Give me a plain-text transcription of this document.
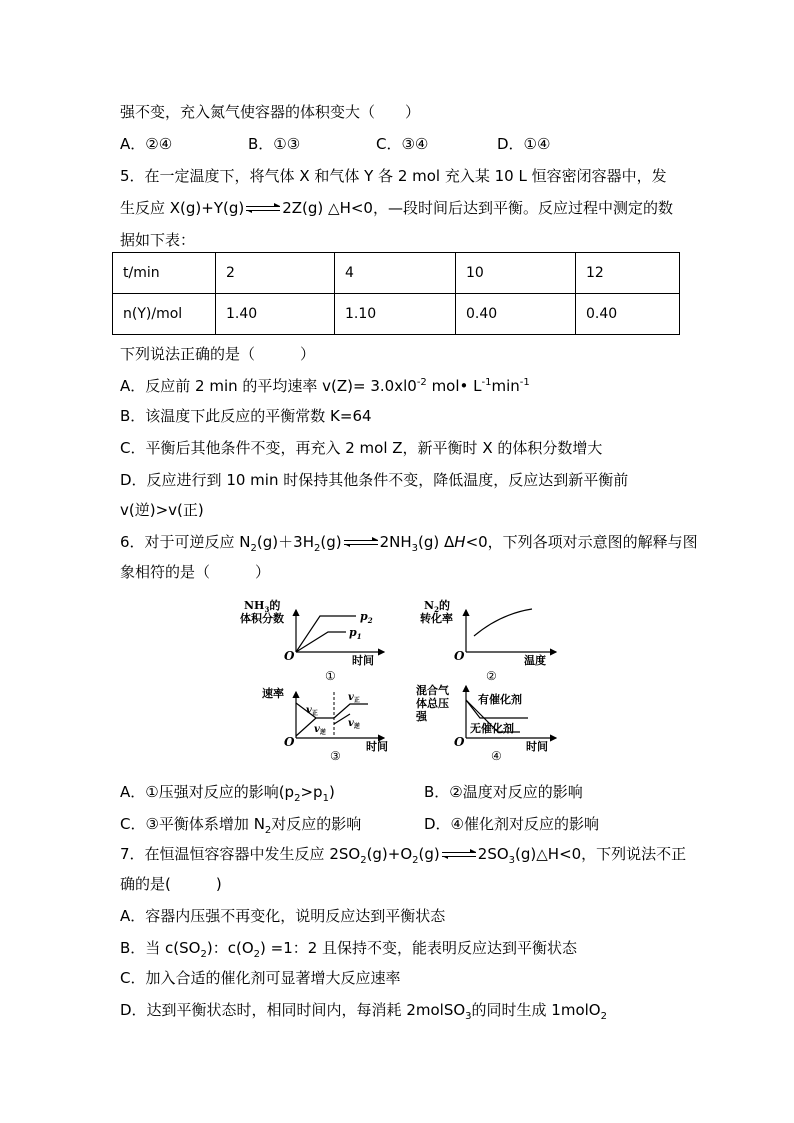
强不变，充入氮气使容器的体积变大（　　）
A．②④	B．①③	C．③④	D．①④
5．在一定温度下，将气体 X 和气体 Y 各 2 mol 充入某 10 L 恒容密闭容器中，发
生反应 X(g)+Y(g) ⇌ 2Z(g) △H<0，—段时间后达到平衡。反应过程中测定的数
据如下表：
t/min	2	4	10	12
n(Y)/mol	1.40	1.10	0.40	0.40
下列说法正确的是（　　　）
A．反应前 2 min 的平均速率 $v(Z)= 3.0xl0^{-2}$ mol• $L^{-1}\min^{-1}$
B．该温度下此反应的平衡常数 K=64
C．平衡后其他条件不变，再充入 2 mol Z，新平衡时 X 的体积分数增大
D．反应进行到 10 min 时保持其他条件不变，降低温度，反应达到新平衡前
v(逆)>v(正)
6．对于可逆反应 $N_2(g)+3H_2(g)$ ⇌ $2NH_3(g)$ ΔH<0，下列各项对示意图的解释与图
象相符的是（　　　）
$NH_3$的
体积分数	$p_2$
$p_1$
O	时间
①
$N_2$的
转化率
O	温度
②
速率
$v_正$
$v_逆$
$v_正$
$v_逆$
O	时间
③
混合气
体总压
强
有催化剂
无催化剂
O	时间
④
A．①压强对反应的影响$(p_2>p_1)$	B．②温度对反应的影响
C．③平衡体系增加 $N_2$对反应的影响	D．④催化剂对反应的影响
7．在恒温恒容容器中发生反应 $2SO_2(g)+O_2(g)$ ⇌ $2SO_3(g)\triangle H<0$，下列说法不正
确的是(　　　)
A．容器内压强不再变化，说明反应达到平衡状态
B．当 $c(SO_2)$：$c(O_2) =1$：2 且保持不变，能表明反应达到平衡状态
C．加入合适的催化剂可显著增大反应速率
D．达到平衡状态时，相同时间内，每消耗 2molSO$_3$的同时生成 1molO$_2$
